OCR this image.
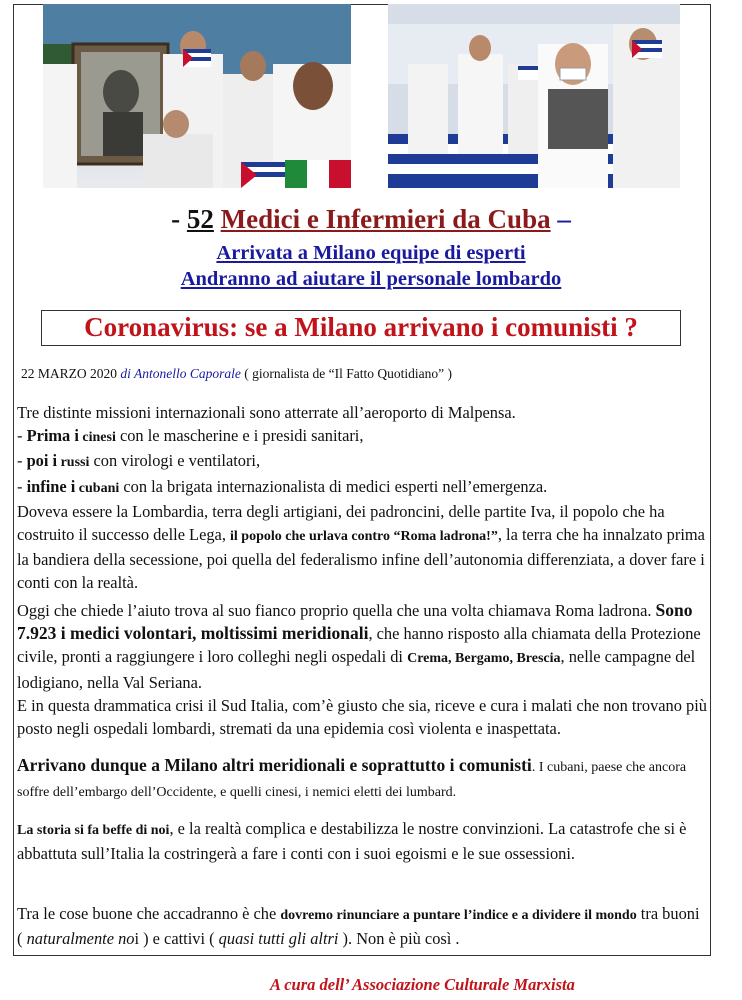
- 52 Medici e Infermieri da Cuba –
Arrivata a Milano equipe di esperti
Andranno ad aiutare il personale lombardo
Coronavirus: se a Milano arrivano i comunisti ?
22 MARZO 2020 di Antonello Caporale ( giornalista de “Il Fatto Quotidiano” )
Tre distinte missioni internazionali sono atterrate all’aeroporto di Malpensa.
- Prima i cinesi con le mascherine e i presidi sanitari,
- poi i russi con virologi e ventilatori,
- infine i cubani con la brigata internazionalista di medici esperti nell’emergenza.
Doveva essere la Lombardia, terra degli artigiani, dei padroncini, delle partite Iva, il popolo che ha costruito il successo delle Lega, il popolo che urlava contro “Roma ladrona!”, la terra che ha innalzato prima la bandiera della secessione, poi quella del federalismo infine dell’autonomia differenziata, a dover fare i conti con la realtà.
Oggi che chiede l’aiuto trova al suo fianco proprio quella che una volta chiamava Roma ladrona. Sono 7.923 i medici volontari, moltissimi meridionali, che hanno risposto alla chiamata della Protezione civile, pronti a raggiungere i loro colleghi negli ospedali di Crema, Bergamo, Brescia, nelle campagne del lodigiano, nella Val Seriana.
E in questa drammatica crisi il Sud Italia, com’è giusto che sia, riceve e cura i malati che non trovano più posto negli ospedali lombardi, stremati da una epidemia così violenta e inaspettata.
Arrivano dunque a Milano altri meridionali e soprattutto i comunisti. I cubani, paese che ancora soffre dell’embargo dell’Occidente, e quelli cinesi, i nemici eletti dei lumbard.
La storia si fa beffe di noi, e la realtà complica e destabilizza le nostre convinzioni. La catastrofe che si è abbattuta sull’Italia la costringerà a fare i conti con i suoi egoismi e le sue ossessioni.
Tra le cose buone che accadranno è che dovremo rinunciare a puntare l’indice e a dividere il mondo tra buoni ( naturalmente noi ) e cattivi ( quasi tutti gli altri ). Non è più così .
A cura dell’ Associazione Culturale Marxista
